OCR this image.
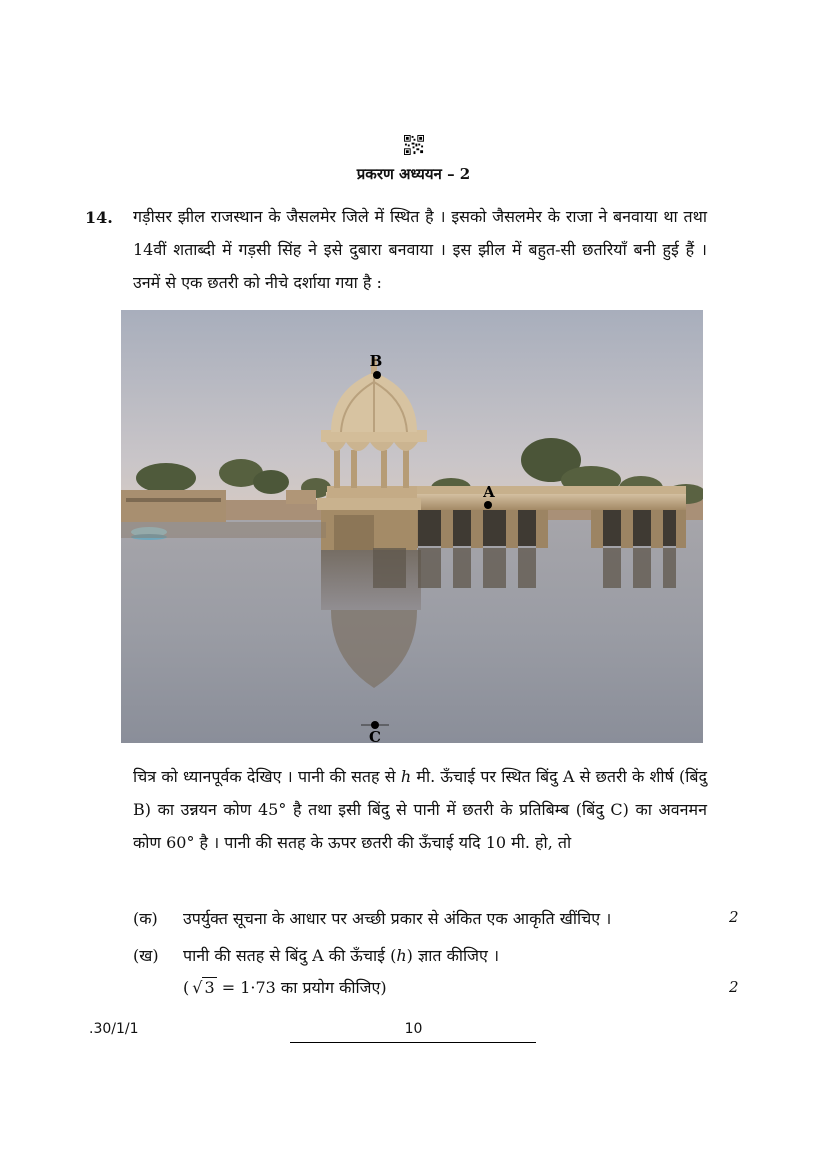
प्रकरण अध्ययन – 2
14. गड़ीसर झील राजस्थान के जैसलमेर जिले में स्थित है । इसको जैसलमेर के राजा ने बनवाया था तथा 14वीं शताब्दी में गड़सी सिंह ने इसे दुबारा बनवाया । इस झील में बहुत-सी छतरियाँ बनी हुई हैं । उनमें से एक छतरी को नीचे दर्शाया गया है :
B
A
C
चित्र को ध्यानपूर्वक देखिए । पानी की सतह से h मी. ऊँचाई पर स्थित बिंदु A से छतरी के शीर्ष (बिंदु B) का उन्नयन कोण 45° है तथा इसी बिंदु से पानी में छतरी के प्रतिबिम्ब (बिंदु C) का अवनमन कोण 60° है । पानी की सतह के ऊपर छतरी की ऊँचाई यदि 10 मी. हो, तो
(क) उपर्युक्त सूचना के आधार पर अच्छी प्रकार से अंकित एक आकृति खींचिए ।	2
(ख) पानी की सतह से बिंदु A की ऊँचाई (h) ज्ञात कीजिए ।
( √ 3 = 1·73 का प्रयोग कीजिए)	2
.30/1/1	10
